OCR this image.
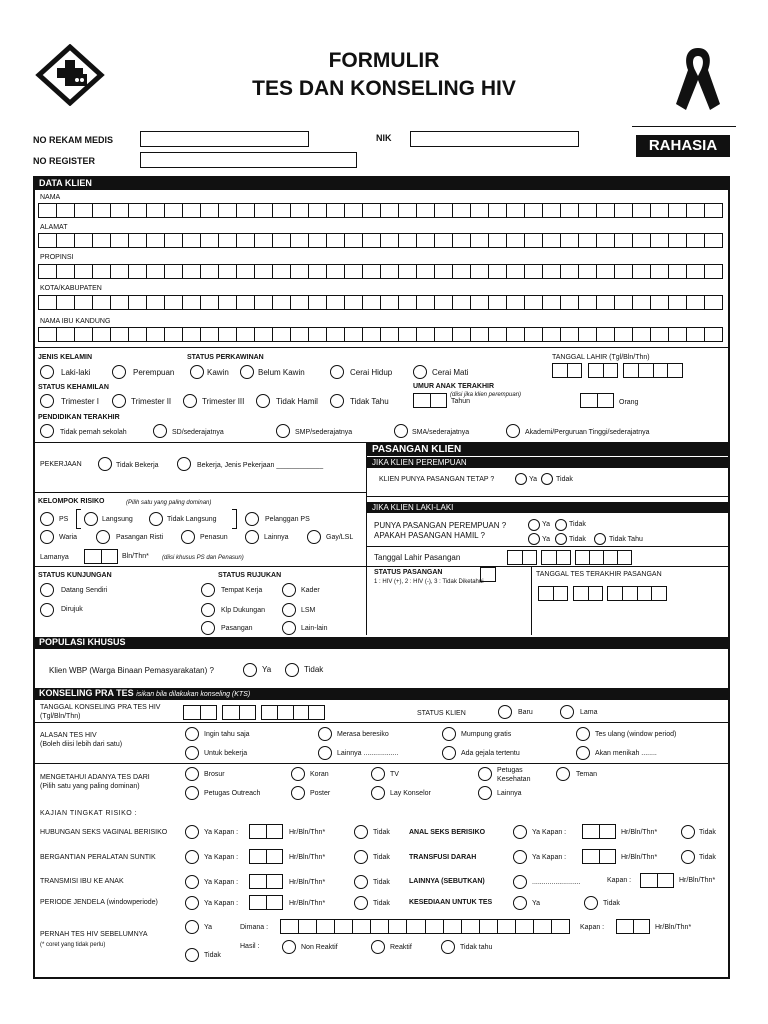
FORMULIR
TES DAN KONSELING HIV
NO REKAM MEDIS	NIK
NO REGISTER
RAHASIA
DATA KLIEN
NAMA
ALAMAT
PROPINSI
KOTA/KABUPATEN
NAMA IBU KANDUNG
JENIS KELAMIN
Laki-laki	Perempuan
STATUS PERKAWINAN
Kawin	Belum Kawin	Cerai Hidup	Cerai Mati
TANGGAL LAHIR (Tgl/Bln/Thn)
STATUS KEHAMILAN
Trimester I	Trimester II	Trimester III	Tidak Hamil	Tidak Tahu
UMUR ANAK TERAKHIR
(diisi jika klien perempuan)
Tahun	Orang
PENDIDIKAN TERAKHIR
Tidak pernah sekolah	SD/sederajatnya	SMP/sederajatnya	SMA/sederajatnya	Akademi/Perguruan Tinggi/sederajatnya
PEKERJAAN	Tidak Bekerja	Bekerja, Jenis Pekerjaan ____________
KELOMPOK RISIKO	(Pilih satu yang paling dominan)
PS	Langsung	Tidak Langsung	Pelanggan PS
Waria	Pasangan Risti	Penasun	Lainnya	Gay/LSL
Lamanya	Bln/Thn* (diisi khusus PS dan Penasun)
STATUS KUNJUNGAN
Datang Sendiri
Dirujuk
STATUS RUJUKAN
Tempat Kerja	Kader
Klp Dukungan	LSM
Pasangan	Lain-lain
PASANGAN KLIEN
JIKA KLIEN PEREMPUAN
KLIEN PUNYA PASANGAN TETAP ?	Ya	Tidak
JIKA KLIEN LAKI-LAKI
PUNYA PASANGAN PEREMPUAN ?	Ya	Tidak
APAKAH PASANGAN HAMIL ?	Ya	Tidak	Tidak Tahu
Tanggal Lahir Pasangan
STATUS PASANGAN
1 : HIV (+), 2 : HIV (-), 3 : Tidak Diketahui
TANGGAL TES TERAKHIR PASANGAN
POPULASI KHUSUS
Klien WBP (Warga Binaan Pemasyarakatan) ?	Ya	Tidak
KONSELING PRA TES isikan bila dilakukan konseling (KTS)
TANGGAL KONSELING PRA TES HIV
(Tgl/Bln/Thn)	STATUS KLIEN	Baru	Lama
ALASAN TES HIV
(Boleh diisi lebih dari satu)
Ingin tahu saja	Merasa beresiko	Mumpung gratis	Tes ulang (window period)
Untuk bekerja	Lainnya ..................	Ada gejala tertentu	Akan menikah ........
MENGETAHUI ADANYA TES DARI
(Pilih satu yang paling dominan)
Brosur	Koran	TV
Petugas
Kesehatan
Teman
Petugas Outreach	Poster	Lay Konselor	Lainnya
KAJIAN TINGKAT RISIKO :
HUBUNGAN SEKS VAGINAL BERISIKO	Ya Kapan :	Hr/Bln/Thn*	Tidak	ANAL SEKS BERISIKO	Ya Kapan :	Hr/Bln/Thn*	Tidak
BERGANTIAN PERALATAN SUNTIK	Ya Kapan :	Hr/Bln/Thn*	Tidak	TRANSFUSI DARAH	Ya Kapan :	Hr/Bln/Thn*	Tidak
TRANSMISI IBU KE ANAK	Ya Kapan :	Hr/Bln/Thn*	Tidak	LAINNYA (SEBUTKAN)	.........................	Kapan :	Hr/Bln/Thn*
PERIODE JENDELA (windowperiode)	Ya Kapan :	Hr/Bln/Thn*	Tidak	KESEDIAAN UNTUK TES	Ya	Tidak
PERNAH TES HIV SEBELUMNYA
(* coret yang tidak perlu)
Ya
Tidak
Dimana :	Kapan :	Hr/Bln/Thn*
Hasil :	Non Reaktif	Reaktif	Tidak tahu
